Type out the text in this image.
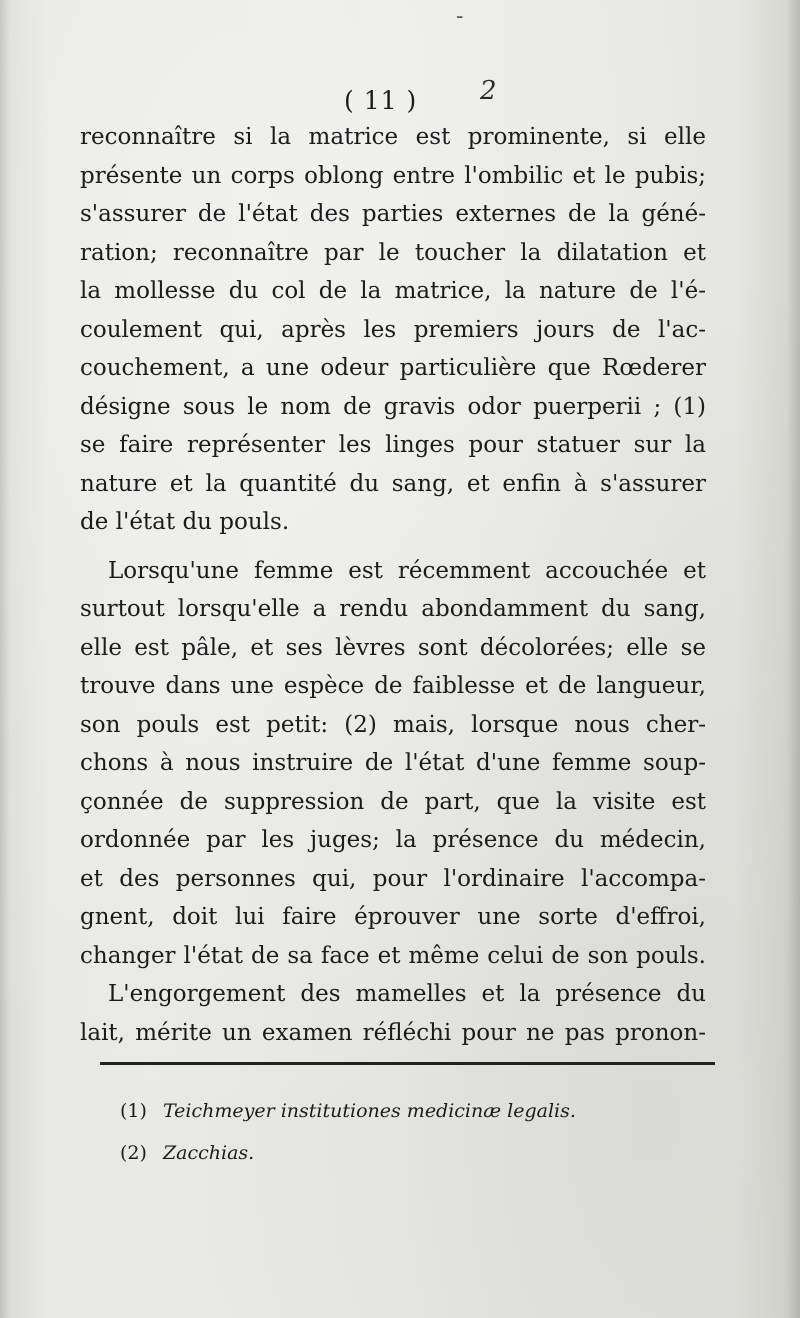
-
( 11 ) 2
reconnaître si la matrice est prominente, si elle
présente un corps oblong entre l'ombilic et le pubis;
s'assurer de l'état des parties externes de la géné-
ration; reconnaître par le toucher la dilatation et
la mollesse du col de la matrice, la nature de l'é-
coulement qui, après les premiers jours de l'ac-
couchement, a une odeur particulière que Rœderer
désigne sous le nom de gravis odor puerperii ; (1)
se faire représenter les linges pour statuer sur la
nature et la quantité du sang, et enfin à s'assurer
de l'état du pouls.
Lorsqu'une femme est récemment accouchée et
surtout lorsqu'elle a rendu abondamment du sang,
elle est pâle, et ses lèvres sont décolorées; elle se
trouve dans une espèce de faiblesse et de langueur,
son pouls est petit: (2) mais, lorsque nous cher-
chons à nous instruire de l'état d'une femme soup-
çonnée de suppression de part, que la visite est
ordonnée par les juges; la présence du médecin,
et des personnes qui, pour l'ordinaire l'accompa-
gnent, doit lui faire éprouver une sorte d'effroi,
changer l'état de sa face et même celui de son pouls.
L'engorgement des mamelles et la présence du
lait, mérite un examen réfléchi pour ne pas pronon-
(1) Teichmeyer institutiones medicinæ legalis.
(2) Zacchias.
